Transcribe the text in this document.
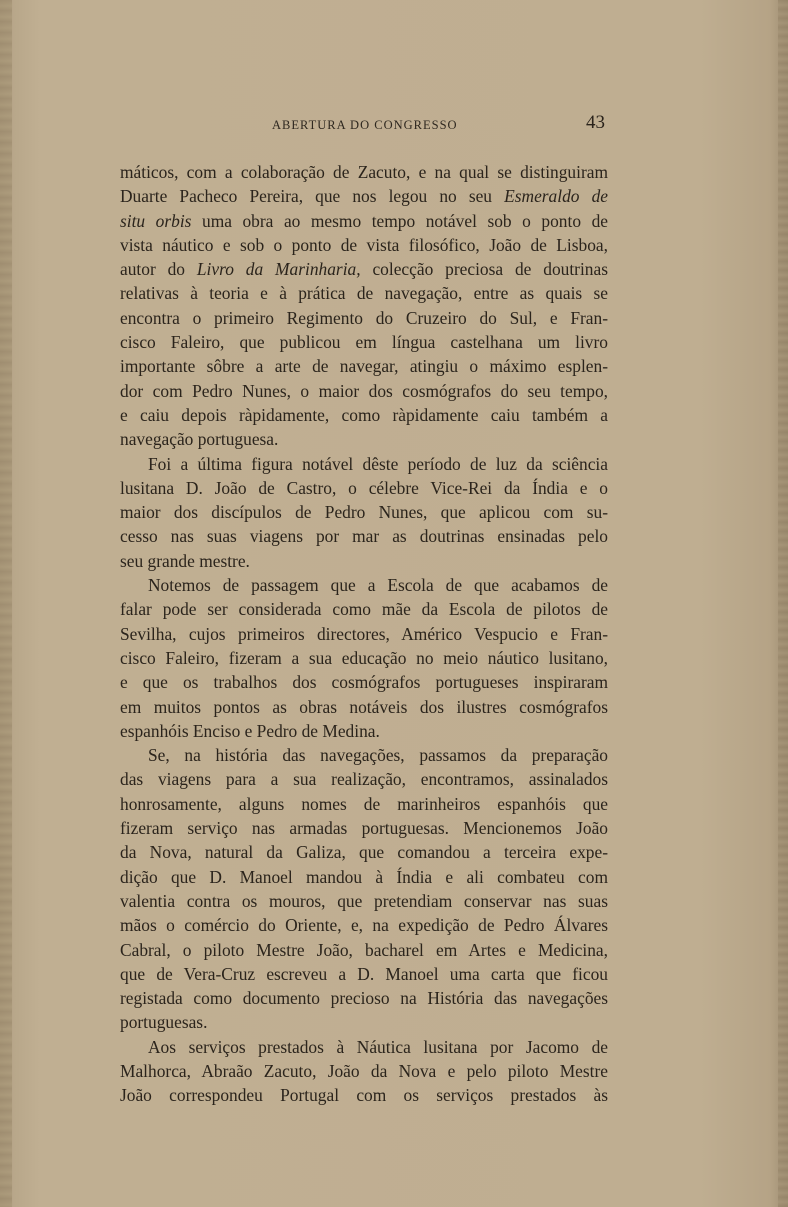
ABERTURA DO CONGRESSO	43
máticos, com a colaboração de Zacuto, e na qual se distinguiram
Duarte Pacheco Pereira, que nos legou no seu Esmeraldo de
situ orbis uma obra ao mesmo tempo notável sob o ponto de
vista náutico e sob o ponto de vista filosófico, João de Lisboa,
autor do Livro da Marinharia, colecção preciosa de doutrinas
relativas à teoria e à prática de navegação, entre as quais se
encontra o primeiro Regimento do Cruzeiro do Sul, e Fran-
cisco Faleiro, que publicou em língua castelhana um livro
importante sôbre a arte de navegar, atingiu o máximo esplen-
dor com Pedro Nunes, o maior dos cosmógrafos do seu tempo,
e caiu depois ràpidamente, como ràpidamente caiu também a
navegação portuguesa.
Foi a última figura notável dêste período de luz da sciência
lusitana D. João de Castro, o célebre Vice-Rei da Índia e o
maior dos discípulos de Pedro Nunes, que aplicou com su-
cesso nas suas viagens por mar as doutrinas ensinadas pelo
seu grande mestre.
Notemos de passagem que a Escola de que acabamos de
falar pode ser considerada como mãe da Escola de pilotos de
Sevilha, cujos primeiros directores, Américo Vespucio e Fran-
cisco Faleiro, fizeram a sua educação no meio náutico lusitano,
e que os trabalhos dos cosmógrafos portugueses inspiraram
em muitos pontos as obras notáveis dos ilustres cosmógrafos
espanhóis Enciso e Pedro de Medina.
Se, na história das navegações, passamos da preparação
das viagens para a sua realização, encontramos, assinalados
honrosamente, alguns nomes de marinheiros espanhóis que
fizeram serviço nas armadas portuguesas. Mencionemos João
da Nova, natural da Galiza, que comandou a terceira expe-
dição que D. Manoel mandou à Índia e ali combateu com
valentia contra os mouros, que pretendiam conservar nas suas
mãos o comércio do Oriente, e, na expedição de Pedro Álvares
Cabral, o piloto Mestre João, bacharel em Artes e Medicina,
que de Vera-Cruz escreveu a D. Manoel uma carta que ficou
registada como documento precioso na História das navegações
portuguesas.
Aos serviços prestados à Náutica lusitana por Jacomo de
Malhorca, Abraão Zacuto, João da Nova e pelo piloto Mestre
João correspondeu Portugal com os serviços prestados às
